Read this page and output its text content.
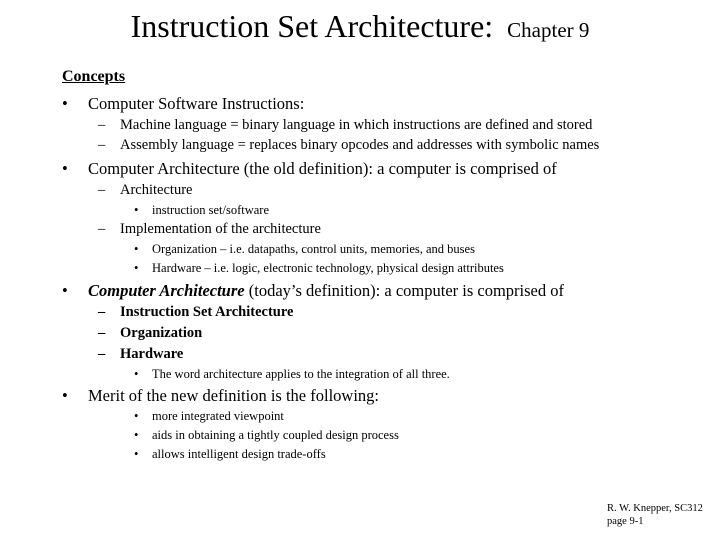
Instruction Set Architecture: Chapter 9
Concepts
• Computer Software Instructions:
– Machine language = binary language in which instructions are defined and stored
– Assembly language = replaces binary opcodes and addresses with symbolic names
• Computer Architecture (the old definition): a computer is comprised of
– Architecture
• instruction set/software
– Implementation of the architecture
• Organization – i.e. datapaths, control units, memories, and buses
• Hardware – i.e. logic, electronic technology, physical design attributes
• Computer Architecture (today’s definition): a computer is comprised of
– Instruction Set Architecture
– Organization
– Hardware
• The word architecture applies to the integration of all three.
• Merit of the new definition is the following:
• more integrated viewpoint
• aids in obtaining a tightly coupled design process
• allows intelligent design trade-offs
R. W. Knepper, SC312
page 9-1
